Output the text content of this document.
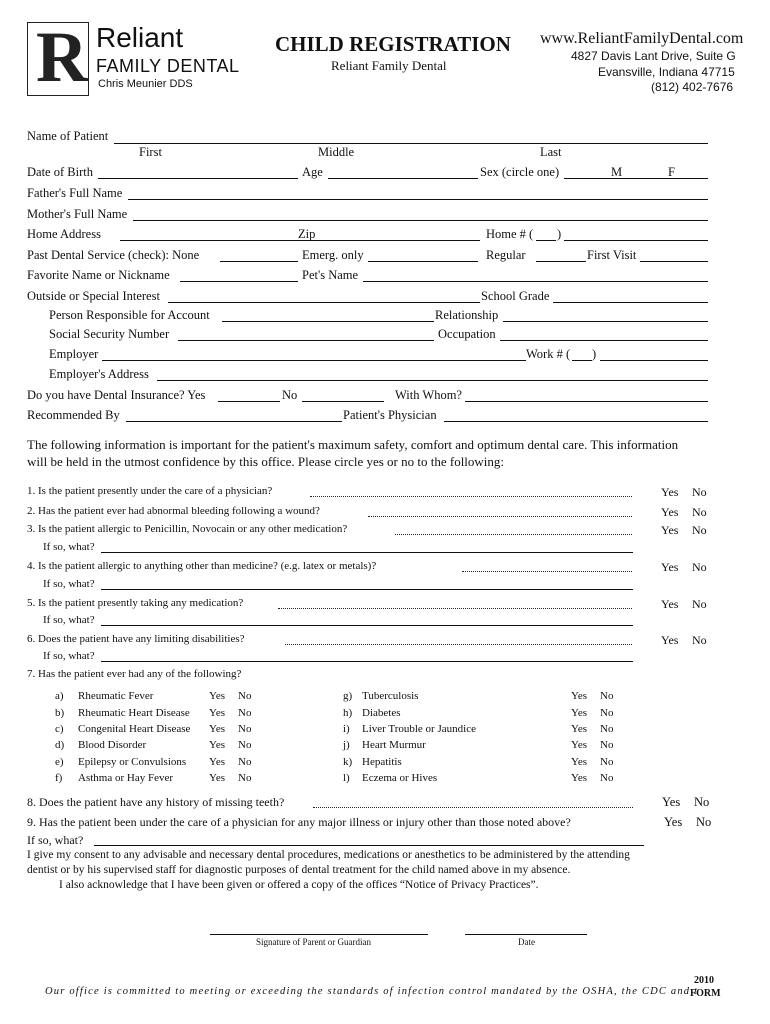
R Reliant
FAMILY DENTAL
Chris Meunier DDS
CHILD REGISTRATION
Reliant Family Dental
www.ReliantFamilyDental.com
4827 Davis Lant Drive, Suite G
Evansville, Indiana 47715
(812) 402-7676
Name of Patient
First	Middle	Last
Date of Birth	Age	Sex (circle one)	M	F
Father's Full Name
Mother's Full Name
Home Address	Zip	Home # ( )
Past Dental Service (check): None	Emerg. only	Regular	First Visit
Favorite Name or Nickname	Pet's Name
Outside or Special Interest	School Grade
Person Responsible for Account	Relationship
Social Security Number	Occupation
Employer	Work # ( )
Employer's Address
Do you have Dental Insurance? Yes	No	With Whom?
Recommended By	Patient's Physician
The following information is important for the patient's maximum safety, comfort and optimum dental care. This information
will be held in the utmost confidence by this office. Please circle yes or no to the following:
1. Is the patient presently under the care of a physician?	Yes No
2. Has the patient ever had abnormal bleeding following a wound?	Yes No
3. Is the patient allergic to Penicillin, Novocain or any other medication?	Yes No
If so, what?
4. Is the patient allergic to anything other than medicine? (e.g. latex or metals)?	Yes No
If so, what?
5. Is the patient presently taking any medication?	Yes No
If so, what?
6. Does the patient have any limiting disabilities?	Yes No
If so, what?
7. Has the patient ever had any of the following?
a) Rheumatic Fever	Yes No
b) Rheumatic Heart Disease Yes No
c) Congenital Heart Disease Yes No
d) Blood Disorder	Yes No
e) Epilepsy or Convulsions Yes No
f) Asthma or Hay Fever	Yes No
g) Tuberculosis	Yes No
h) Diabetes	Yes No
i) Liver Trouble or Jaundice	Yes No
j) Heart Murmur	Yes No
k) Hepatitis	Yes No
l) Eczema or Hives	Yes No
8. Does the patient have any history of missing teeth?	Yes No
9. Has the patient been under the care of a physician for any major illness or injury other than those noted above?	Yes No
If so, what?
I give my consent to any advisable and necessary dental procedures, medications or anesthetics to be administered by the attending
dentist or by his supervised staff for diagnostic purposes of dental treatment for the child named above in my absence.
I also acknowledge that I have been given or offered a copy of the offices “Notice of Privacy Practices”.
Signature of Parent or Guardian	Date
Our office is committed to meeting or exceeding the standards of infection control mandated by the OSHA, the CDC and t
2010
FORM
